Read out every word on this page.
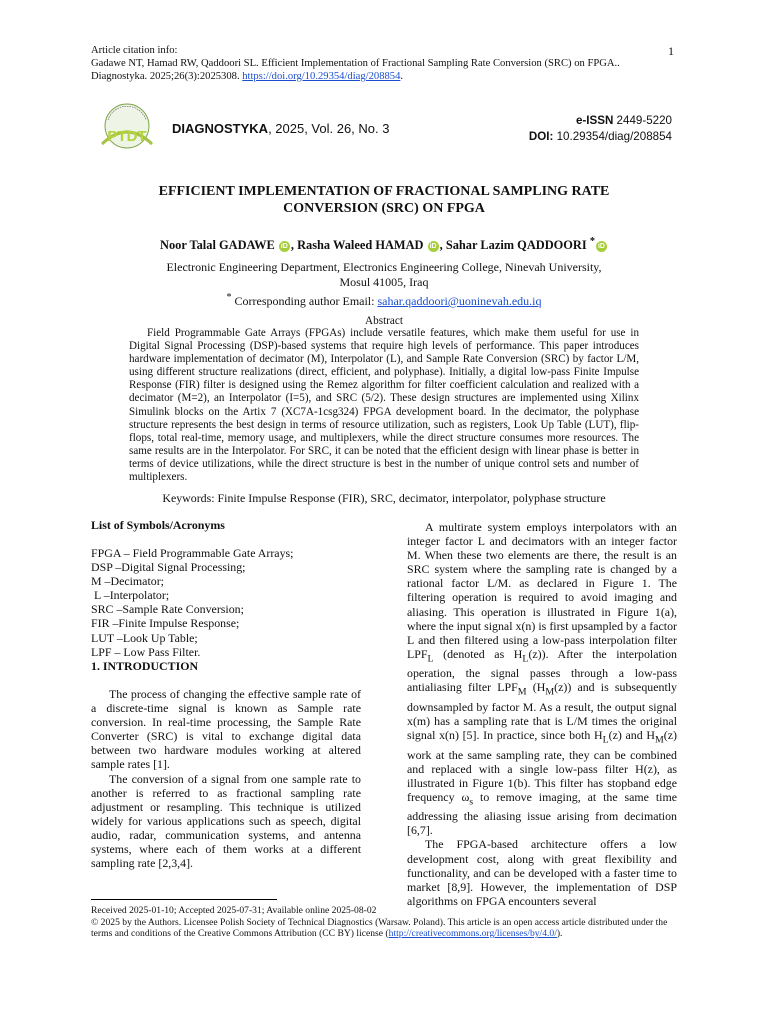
Article citation info:
Gadawe NT, Hamad RW, Qaddoori SL. Efficient Implementation of Fractional Sampling Rate Conversion (SRC) on FPGA.. Diagnostyka. 2025;26(3):2025308. https://doi.org/10.29354/diag/208854.
1
PTDT DIAGNOSTYKA, 2025, Vol. 26, No. 3
e-ISSN 2449-5220
DOI: 10.29354/diag/208854
EFFICIENT IMPLEMENTATION OF FRACTIONAL SAMPLING RATE
CONVERSION (SRC) ON FPGA
Noor Talal GADAWE iD , Rasha Waleed HAMAD iD , Sahar Lazim QADDOORI * iD
Electronic Engineering Department, Electronics Engineering College, Ninevah University,
Mosul 41005, Iraq
* Corresponding author Email: sahar.qaddoori@uoninevah.edu.iq
Abstract

Field Programmable Gate Arrays (FPGAs) include versatile features, which make them useful for use in Digital Signal Processing (DSP)-based systems that require high levels of performance. This paper introduces hardware implementation of decimator (M), Interpolator (L), and Sample Rate Conversion (SRC) by factor L/M, using different structure realizations (direct, efficient, and polyphase). Initially, a digital low-pass Finite Impulse Response (FIR) filter is designed using the Remez algorithm for filter coefficient calculation and realized with a decimator (M=2), an Interpolator (I=5), and SRC (5/2). These design structures are implemented using Xilinx Simulink blocks on the Artix 7 (XC7A-1csg324) FPGA development board. In the decimator, the polyphase structure represents the best design in terms of resource utilization, such as registers, Look Up Table (LUT), flip-flops, total real-time, memory usage, and multiplexers, while the direct structure consumes more resources. The same results are in the Interpolator. For SRC, it can be noted that the efficient design with linear phase is better in terms of device utilizations, while the direct structure is best in the number of unique control sets and number of multiplexers.

Keywords: Finite Impulse Response (FIR), SRC, decimator, interpolator, polyphase structure
List of Symbols/Acronyms
FPGA – Field Programmable Gate Arrays;
DSP –Digital Signal Processing;
M –Decimator;
L –Interpolator;
SRC –Sample Rate Conversion;
FIR –Finite Impulse Response;
LUT –Look Up Table;
LPF – Low Pass Filter.
1. INTRODUCTION

The process of changing the effective sample rate of a discrete-time signal is known as Sample rate conversion. In real-time processing, the Sample Rate Converter (SRC) is vital to exchange digital data between two hardware modules working at altered sample rates [1].

The conversion of a signal from one sample rate to another is referred to as fractional sampling rate adjustment or resampling. This technique is utilized widely for various applications such as speech, digital audio, radar, communication systems, and antenna systems, where each of them works at a different sampling rate [2,3,4].

A multirate system employs interpolators with an integer factor L and decimators with an integer factor M. When these two elements are there, the result is an SRC system where the sampling rate is changed by a rational factor L/M. as declared in Figure 1. The filtering operation is required to avoid imaging and aliasing. This operation is illustrated in Figure 1(a), where the input signal x(n) is first upsampled by a factor L and then filtered using a low-pass interpolation filter $LPF_L$ (denoted as $H_L(z)$). After the interpolation operation, the signal passes through a low-pass antialiasing filter $LPF_M$ $(H_M(z))$ and is subsequently downsampled by factor M. As a result, the output signal x(m) has a sampling rate that is L/M times the original signal x(n) [5]. In practice, since both $H_L(z)$ and $H_M(z)$ work at the same sampling rate, they can be combined and replaced with a single low-pass filter H(z), as illustrated in Figure 1(b). This filter has stopband edge frequency $\omega_s$ to remove imaging, at the same time addressing the aliasing issue arising from decimation [6,7].

The FPGA-based architecture offers a low development cost, along with great flexibility and functionality, and can be developed with a faster time to market [8,9]. However, the implementation of DSP algorithms on FPGA encounters several

Received 2025-01-10; Accepted 2025-07-31; Available online 2025-08-02
© 2025 by the Authors. Licensee Polish Society of Technical Diagnostics (Warsaw. Poland). This article is an open access article distributed under the terms and conditions of the Creative Commons Attribution (CC BY) license (http://creativecommons.org/licenses/by/4.0/).
